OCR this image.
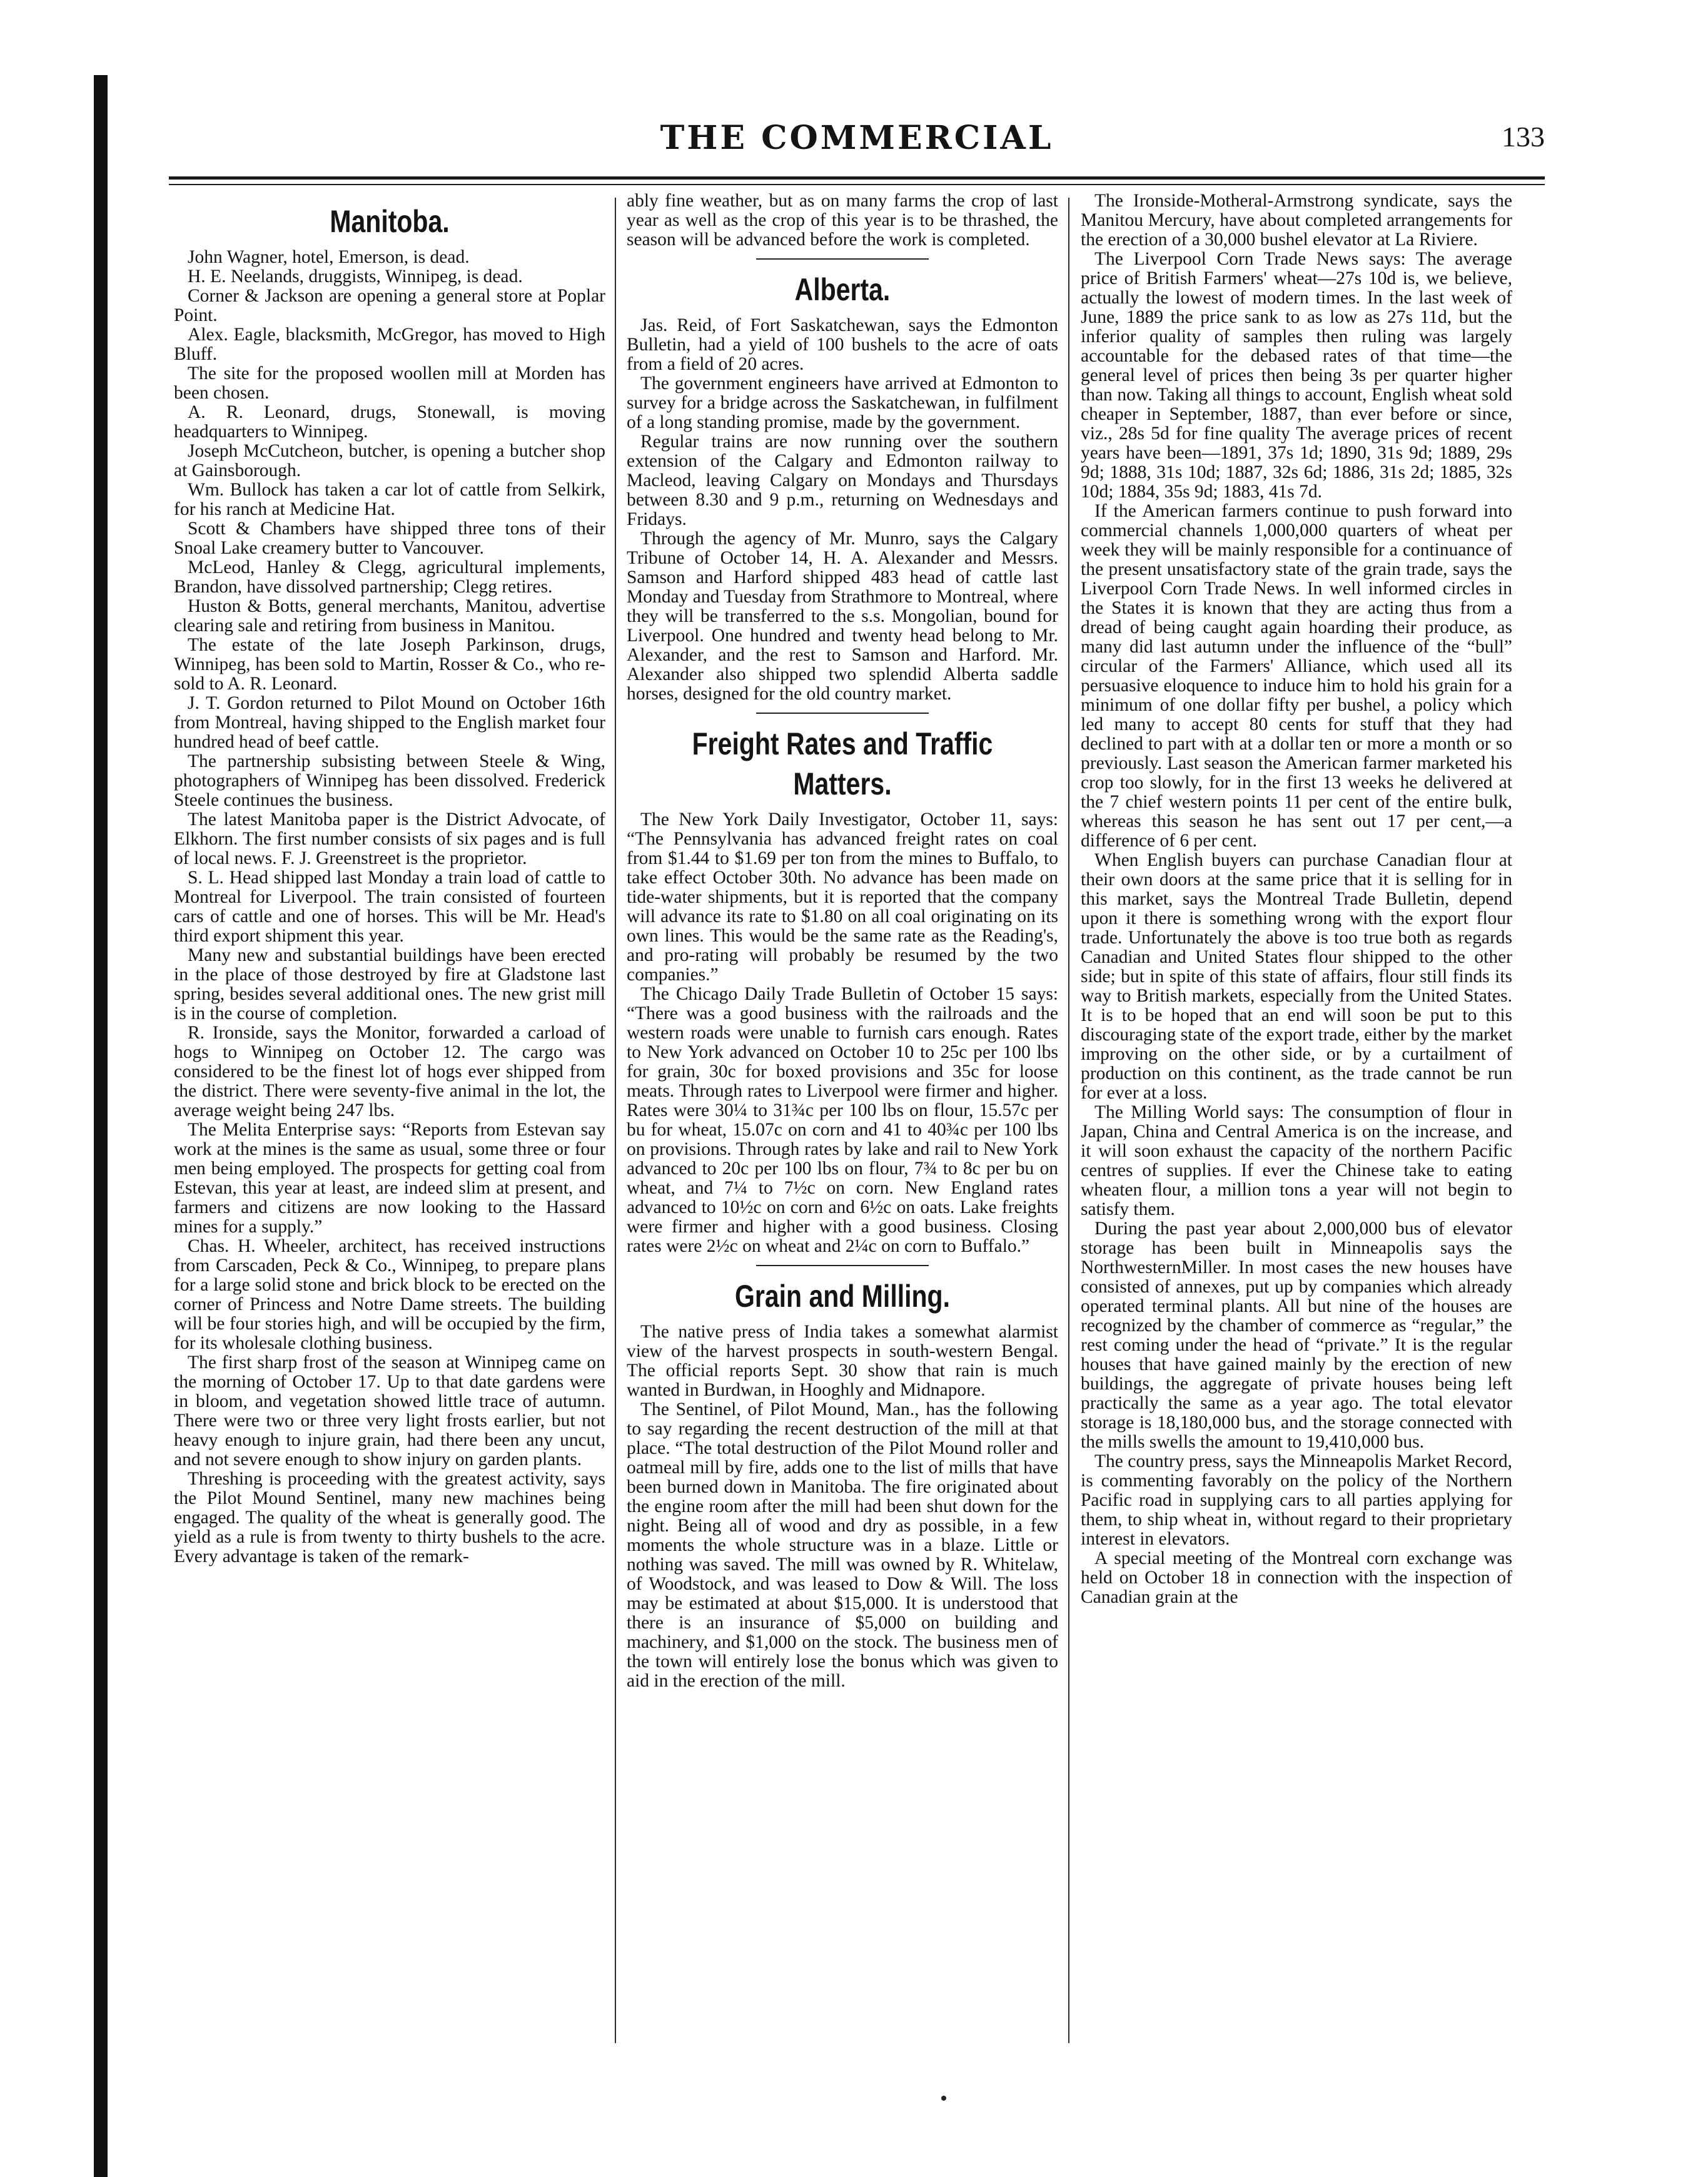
THE COMMERCIAL	133
Manitoba.

John Wagner, hotel, Emerson, is dead.

H. E. Neelands, druggists, Winnipeg, is dead.

Corner & Jackson are opening a general store at Poplar Point.

Alex. Eagle, blacksmith, McGregor, has moved to High Bluff.

The site for the proposed woollen mill at Morden has been chosen.

A. R. Leonard, drugs, Stonewall, is moving headquarters to Winnipeg.

Joseph McCutcheon, butcher, is opening a butcher shop at Gainsborough.

Wm. Bullock has taken a car lot of cattle from Selkirk, for his ranch at Medicine Hat.

Scott & Chambers have shipped three tons of their Snoal Lake creamery butter to Vancouver.

McLeod, Hanley & Clegg, agricultural implements, Brandon, have dissolved partnership; Clegg retires.

Huston & Botts, general merchants, Manitou, advertise clearing sale and retiring from business in Manitou.

The estate of the late Joseph Parkinson, drugs, Winnipeg, has been sold to Martin, Rosser & Co., who re-sold to A. R. Leonard.

J. T. Gordon returned to Pilot Mound on October 16th from Montreal, having shipped to the English market four hundred head of beef cattle.

The partnership subsisting between Steele & Wing, photographers of Winnipeg has been dissolved. Frederick Steele continues the business.

The latest Manitoba paper is the District Advocate, of Elkhorn. The first number consists of six pages and is full of local news. F. J. Greenstreet is the proprietor.

S. L. Head shipped last Monday a train load of cattle to Montreal for Liverpool. The train consisted of fourteen cars of cattle and one of horses. This will be Mr. Head's third export shipment this year.

Many new and substantial buildings have been erected in the place of those destroyed by fire at Gladstone last spring, besides several additional ones. The new grist mill is in the course of completion.

R. Ironside, says the Monitor, forwarded a carload of hogs to Winnipeg on October 12. The cargo was considered to be the finest lot of hogs ever shipped from the district. There were seventy-five animal in the lot, the average weight being 247 lbs.

The Melita Enterprise says: “Reports from Estevan say work at the mines is the same as usual, some three or four men being employed. The prospects for getting coal from Estevan, this year at least, are indeed slim at present, and farmers and citizens are now looking to the Hassard mines for a supply.”

Chas. H. Wheeler, architect, has received instructions from Carscaden, Peck & Co., Winnipeg, to prepare plans for a large solid stone and brick block to be erected on the corner of Princess and Notre Dame streets. The building will be four stories high, and will be occupied by the firm, for its wholesale clothing business.

The first sharp frost of the season at Winnipeg came on the morning of October 17. Up to that date gardens were in bloom, and vegetation showed little trace of autumn. There were two or three very light frosts earlier, but not heavy enough to injure grain, had there been any uncut, and not severe enough to show injury on garden plants.

Threshing is proceeding with the greatest activity, says the Pilot Mound Sentinel, many new machines being engaged. The quality of the wheat is generally good. The yield as a rule is from twenty to thirty bushels to the acre. Every advantage is taken of the remark-

ably fine weather, but as on many farms the crop of last year as well as the crop of this year is to be thrashed, the season will be advanced before the work is completed.

Alberta.

Jas. Reid, of Fort Saskatchewan, says the Edmonton Bulletin, had a yield of 100 bushels to the acre of oats from a field of 20 acres.

The government engineers have arrived at Edmonton to survey for a bridge across the Saskatchewan, in fulfilment of a long standing promise, made by the government.

Regular trains are now running over the southern extension of the Calgary and Edmonton railway to Macleod, leaving Calgary on Mondays and Thursdays between 8.30 and 9 p.m., returning on Wednesdays and Fridays.

Through the agency of Mr. Munro, says the Calgary Tribune of October 14, H. A. Alexander and Messrs. Samson and Harford shipped 483 head of cattle last Monday and Tuesday from Strathmore to Montreal, where they will be transferred to the s.s. Mongolian, bound for Liverpool. One hundred and twenty head belong to Mr. Alexander, and the rest to Samson and Harford. Mr. Alexander also shipped two splendid Alberta saddle horses, designed for the old country market.

Freight Rates and Traffic Matters.

The New York Daily Investigator, October 11, says: “The Pennsylvania has advanced freight rates on coal from $1.44 to $1.69 per ton from the mines to Buffalo, to take effect October 30th. No advance has been made on tide-water shipments, but it is reported that the company will advance its rate to $1.80 on all coal originating on its own lines. This would be the same rate as the Reading's, and pro-rating will probably be resumed by the two companies.”

The Chicago Daily Trade Bulletin of October 15 says: “There was a good business with the railroads and the western roads were unable to furnish cars enough. Rates to New York advanced on October 10 to 25c per 100 lbs for grain, 30c for boxed provisions and 35c for loose meats. Through rates to Liverpool were firmer and higher. Rates were 30¼ to 31¾c per 100 lbs on flour, 15.57c per bu for wheat, 15.07c on corn and 41 to 40¾c per 100 lbs on provisions. Through rates by lake and rail to New York advanced to 20c per 100 lbs on flour, 7¾ to 8c per bu on wheat, and 7¼ to 7½c on corn. New England rates advanced to 10½c on corn and 6½c on oats. Lake freights were firmer and higher with a good business. Closing rates were 2½c on wheat and 2¼c on corn to Buffalo.”

Grain and Milling.

The native press of India takes a somewhat alarmist view of the harvest prospects in south-western Bengal. The official reports Sept. 30 show that rain is much wanted in Burdwan, in Hooghly and Midnapore.

The Sentinel, of Pilot Mound, Man., has the following to say regarding the recent destruction of the mill at that place. “The total destruction of the Pilot Mound roller and oatmeal mill by fire, adds one to the list of mills that have been burned down in Manitoba. The fire originated about the engine room after the mill had been shut down for the night. Being all of wood and dry as possible, in a few moments the whole structure was in a blaze. Little or nothing was saved. The mill was owned by R. Whitelaw, of Woodstock, and was leased to Dow & Will. The loss may be estimated at about $15,000. It is understood that there is an insurance of $5,000 on building and machinery, and $1,000 on the stock. The business men of the town will entirely lose the bonus which was given to aid in the erection of the mill.

The Ironside-Motheral-Armstrong syndicate, says the Manitou Mercury, have about completed arrangements for the erection of a 30,000 bushel elevator at La Riviere.

The Liverpool Corn Trade News says: The average price of British Farmers' wheat—27s 10d is, we believe, actually the lowest of modern times. In the last week of June, 1889 the price sank to as low as 27s 11d, but the inferior quality of samples then ruling was largely accountable for the debased rates of that time—the general level of prices then being 3s per quarter higher than now. Taking all things to account, English wheat sold cheaper in September, 1887, than ever before or since, viz., 28s 5d for fine quality The average prices of recent years have been—1891, 37s 1d; 1890, 31s 9d; 1889, 29s 9d; 1888, 31s 10d; 1887, 32s 6d; 1886, 31s 2d; 1885, 32s 10d; 1884, 35s 9d; 1883, 41s 7d.

If the American farmers continue to push forward into commercial channels 1,000,000 quarters of wheat per week they will be mainly responsible for a continuance of the present unsatisfactory state of the grain trade, says the Liverpool Corn Trade News. In well informed circles in the States it is known that they are acting thus from a dread of being caught again hoarding their produce, as many did last autumn under the influence of the “bull” circular of the Farmers' Alliance, which used all its persuasive eloquence to induce him to hold his grain for a minimum of one dollar fifty per bushel, a policy which led many to accept 80 cents for stuff that they had declined to part with at a dollar ten or more a month or so previously. Last season the American farmer marketed his crop too slowly, for in the first 13 weeks he delivered at the 7 chief western points 11 per cent of the entire bulk, whereas this season he has sent out 17 per cent,—a difference of 6 per cent.

When English buyers can purchase Canadian flour at their own doors at the same price that it is selling for in this market, says the Montreal Trade Bulletin, depend upon it there is something wrong with the export flour trade. Unfortunately the above is too true both as regards Canadian and United States flour shipped to the other side; but in spite of this state of affairs, flour still finds its way to British markets, especially from the United States. It is to be hoped that an end will soon be put to this discouraging state of the export trade, either by the market improving on the other side, or by a curtailment of production on this continent, as the trade cannot be run for ever at a loss.

The Milling World says: The consumption of flour in Japan, China and Central America is on the increase, and it will soon exhaust the capacity of the northern Pacific centres of supplies. If ever the Chinese take to eating wheaten flour, a million tons a year will not begin to satisfy them.

During the past year about 2,000,000 bus of elevator storage has been built in Minneapolis says the NorthwesternMiller. In most cases the new houses have consisted of annexes, put up by companies which already operated terminal plants. All but nine of the houses are recognized by the chamber of commerce as “regular,” the rest coming under the head of “private.” It is the regular houses that have gained mainly by the erection of new buildings, the aggregate of private houses being left practically the same as a year ago. The total elevator storage is 18,180,000 bus, and the storage connected with the mills swells the amount to 19,410,000 bus.

The country press, says the Minneapolis Market Record, is commenting favorably on the policy of the Northern Pacific road in supplying cars to all parties applying for them, to ship wheat in, without regard to their proprietary interest in elevators.

A special meeting of the Montreal corn exchange was held on October 18 in connection with the inspection of Canadian grain at the
